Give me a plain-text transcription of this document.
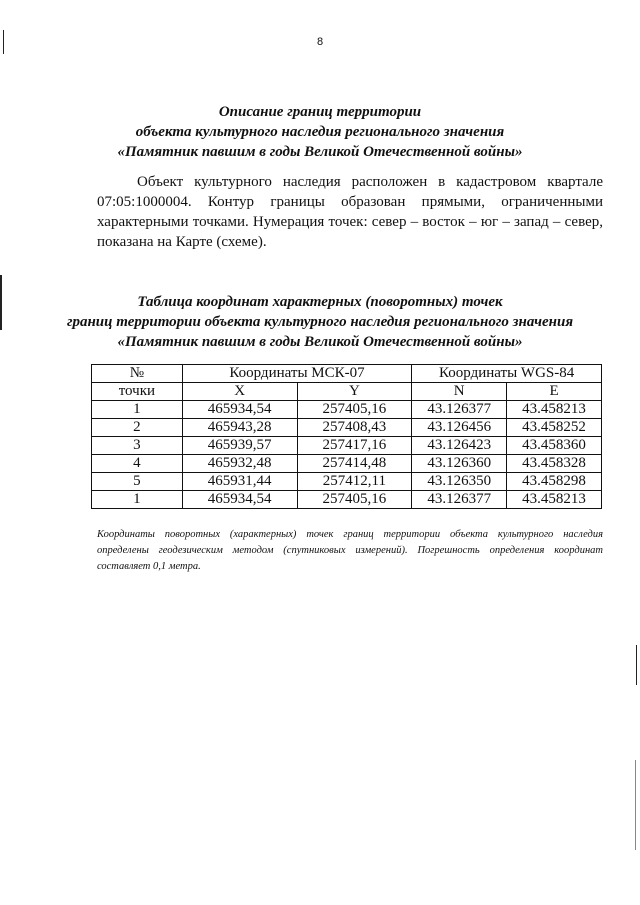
8
Описание границ территории
объекта культурного наследия регионального значения
«Памятник павшим в годы Великой Отечественной войны»

Объект культурного наследия расположен в кадастровом квартале
07:05:1000004. Контур границы образован прямыми, ограниченными
характерными точками. Нумерация точек: север – восток – юг – запад – север,
показана на Карте (схеме).

Таблица координат характерных (поворотных) точек
границ территории объекта культурного наследия регионального значения
«Памятник павшим в годы Великой Отечественной войны»
№	Координаты МСК-07		Координаты WGS-84	
точки	X	Y	N	E
1	465934,54	257405,16	43.126377	43.458213
2	465943,28	257408,43	43.126456	43.458252
3	465939,57	257417,16	43.126423	43.458360
4	465932,48	257414,48	43.126360	43.458328
5	465931,44	257412,11	43.126350	43.458298
1	465934,54	257405,16	43.126377	43.458213

Координаты поворотных (характерных) точек границ территории объекта культурного наследия
определены геодезическим методом (спутниковых измерений). Погрешность определения координат
составляет 0,1 метра.
